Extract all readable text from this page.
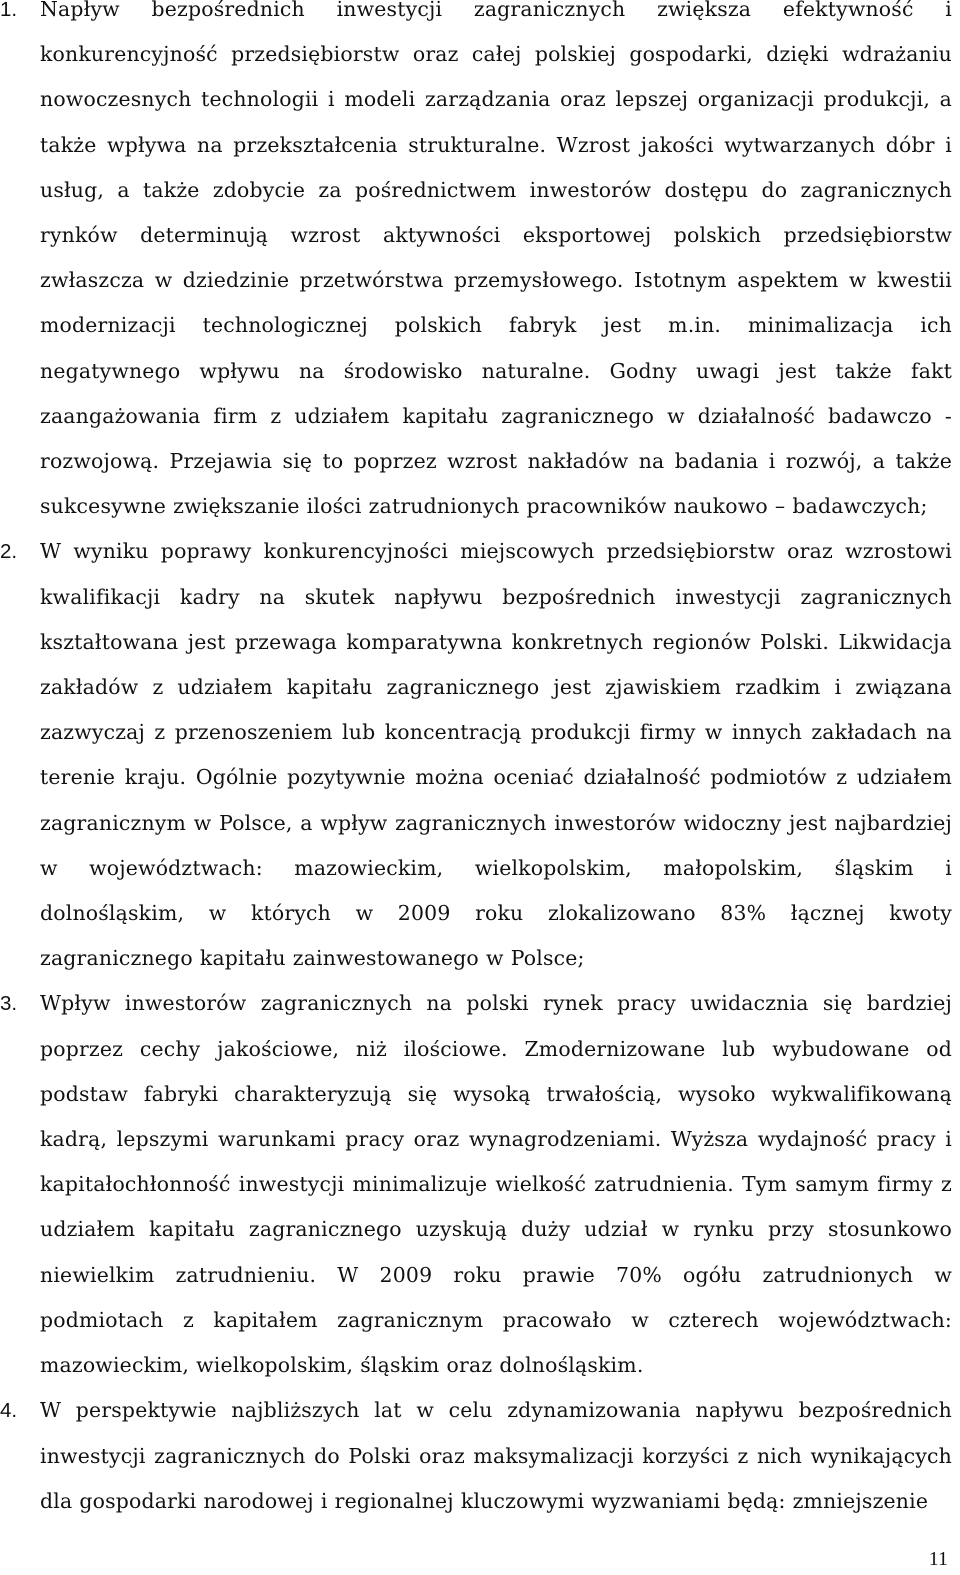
1.	Napływ bezpośrednich inwestycji zagranicznych zwiększa efektywność i konkurencyjność przedsiębiorstw oraz całej polskiej gospodarki, dzięki wdrażaniu nowoczesnych technologii i modeli zarządzania oraz lepszej organizacji produkcji, a także wpływa na przekształcenia strukturalne. Wzrost jakości wytwarzanych dóbr i usług, a także zdobycie za pośrednictwem inwestorów dostępu do zagranicznych rynków determinują wzrost aktywności eksportowej polskich przedsiębiorstw zwłaszcza w dziedzinie przetwórstwa przemysłowego. Istotnym aspektem w kwestii modernizacji technologicznej polskich fabryk jest m.in. minimalizacja ich negatywnego wpływu na środowisko naturalne. Godny uwagi jest także fakt zaangażowania firm z udziałem kapitału zagranicznego w działalność badawczo - rozwojową. Przejawia się to poprzez wzrost nakładów na badania i rozwój, a także sukcesywne zwiększanie ilości zatrudnionych pracowników naukowo – badawczych;
2.	W wyniku poprawy konkurencyjności miejscowych przedsiębiorstw oraz wzrostowi kwalifikacji kadry na skutek napływu bezpośrednich inwestycji zagranicznych kształtowana jest przewaga komparatywna konkretnych regionów Polski. Likwidacja zakładów z udziałem kapitału zagranicznego jest zjawiskiem rzadkim i związana zazwyczaj z przenoszeniem lub koncentracją produkcji firmy w innych zakładach na terenie kraju. Ogólnie pozytywnie można oceniać działalność podmiotów z udziałem zagranicznym w Polsce, a wpływ zagranicznych inwestorów widoczny jest najbardziej w województwach: mazowieckim, wielkopolskim, małopolskim, śląskim i dolnośląskim, w których w 2009 roku zlokalizowano 83% łącznej kwoty zagranicznego kapitału zainwestowanego w Polsce;
3.	Wpływ inwestorów zagranicznych na polski rynek pracy uwidacznia się bardziej poprzez cechy jakościowe, niż ilościowe. Zmodernizowane lub wybudowane od podstaw fabryki charakteryzują się wysoką trwałością, wysoko wykwalifikowaną kadrą, lepszymi warunkami pracy oraz wynagrodzeniami. Wyższa wydajność pracy i kapitałochłonność inwestycji minimalizuje wielkość zatrudnienia. Tym samym firmy z udziałem kapitału zagranicznego uzyskują duży udział w rynku przy stosunkowo niewielkim zatrudnieniu. W 2009 roku prawie 70% ogółu zatrudnionych w podmiotach z kapitałem zagranicznym pracowało w czterech województwach: mazowieckim, wielkopolskim, śląskim oraz dolnośląskim.
4.	W perspektywie najbliższych lat w celu zdynamizowania napływu bezpośrednich inwestycji zagranicznych do Polski oraz maksymalizacji korzyści z nich wynikających dla gospodarki narodowej i regionalnej kluczowymi wyzwaniami będą: zmniejszenie
11
